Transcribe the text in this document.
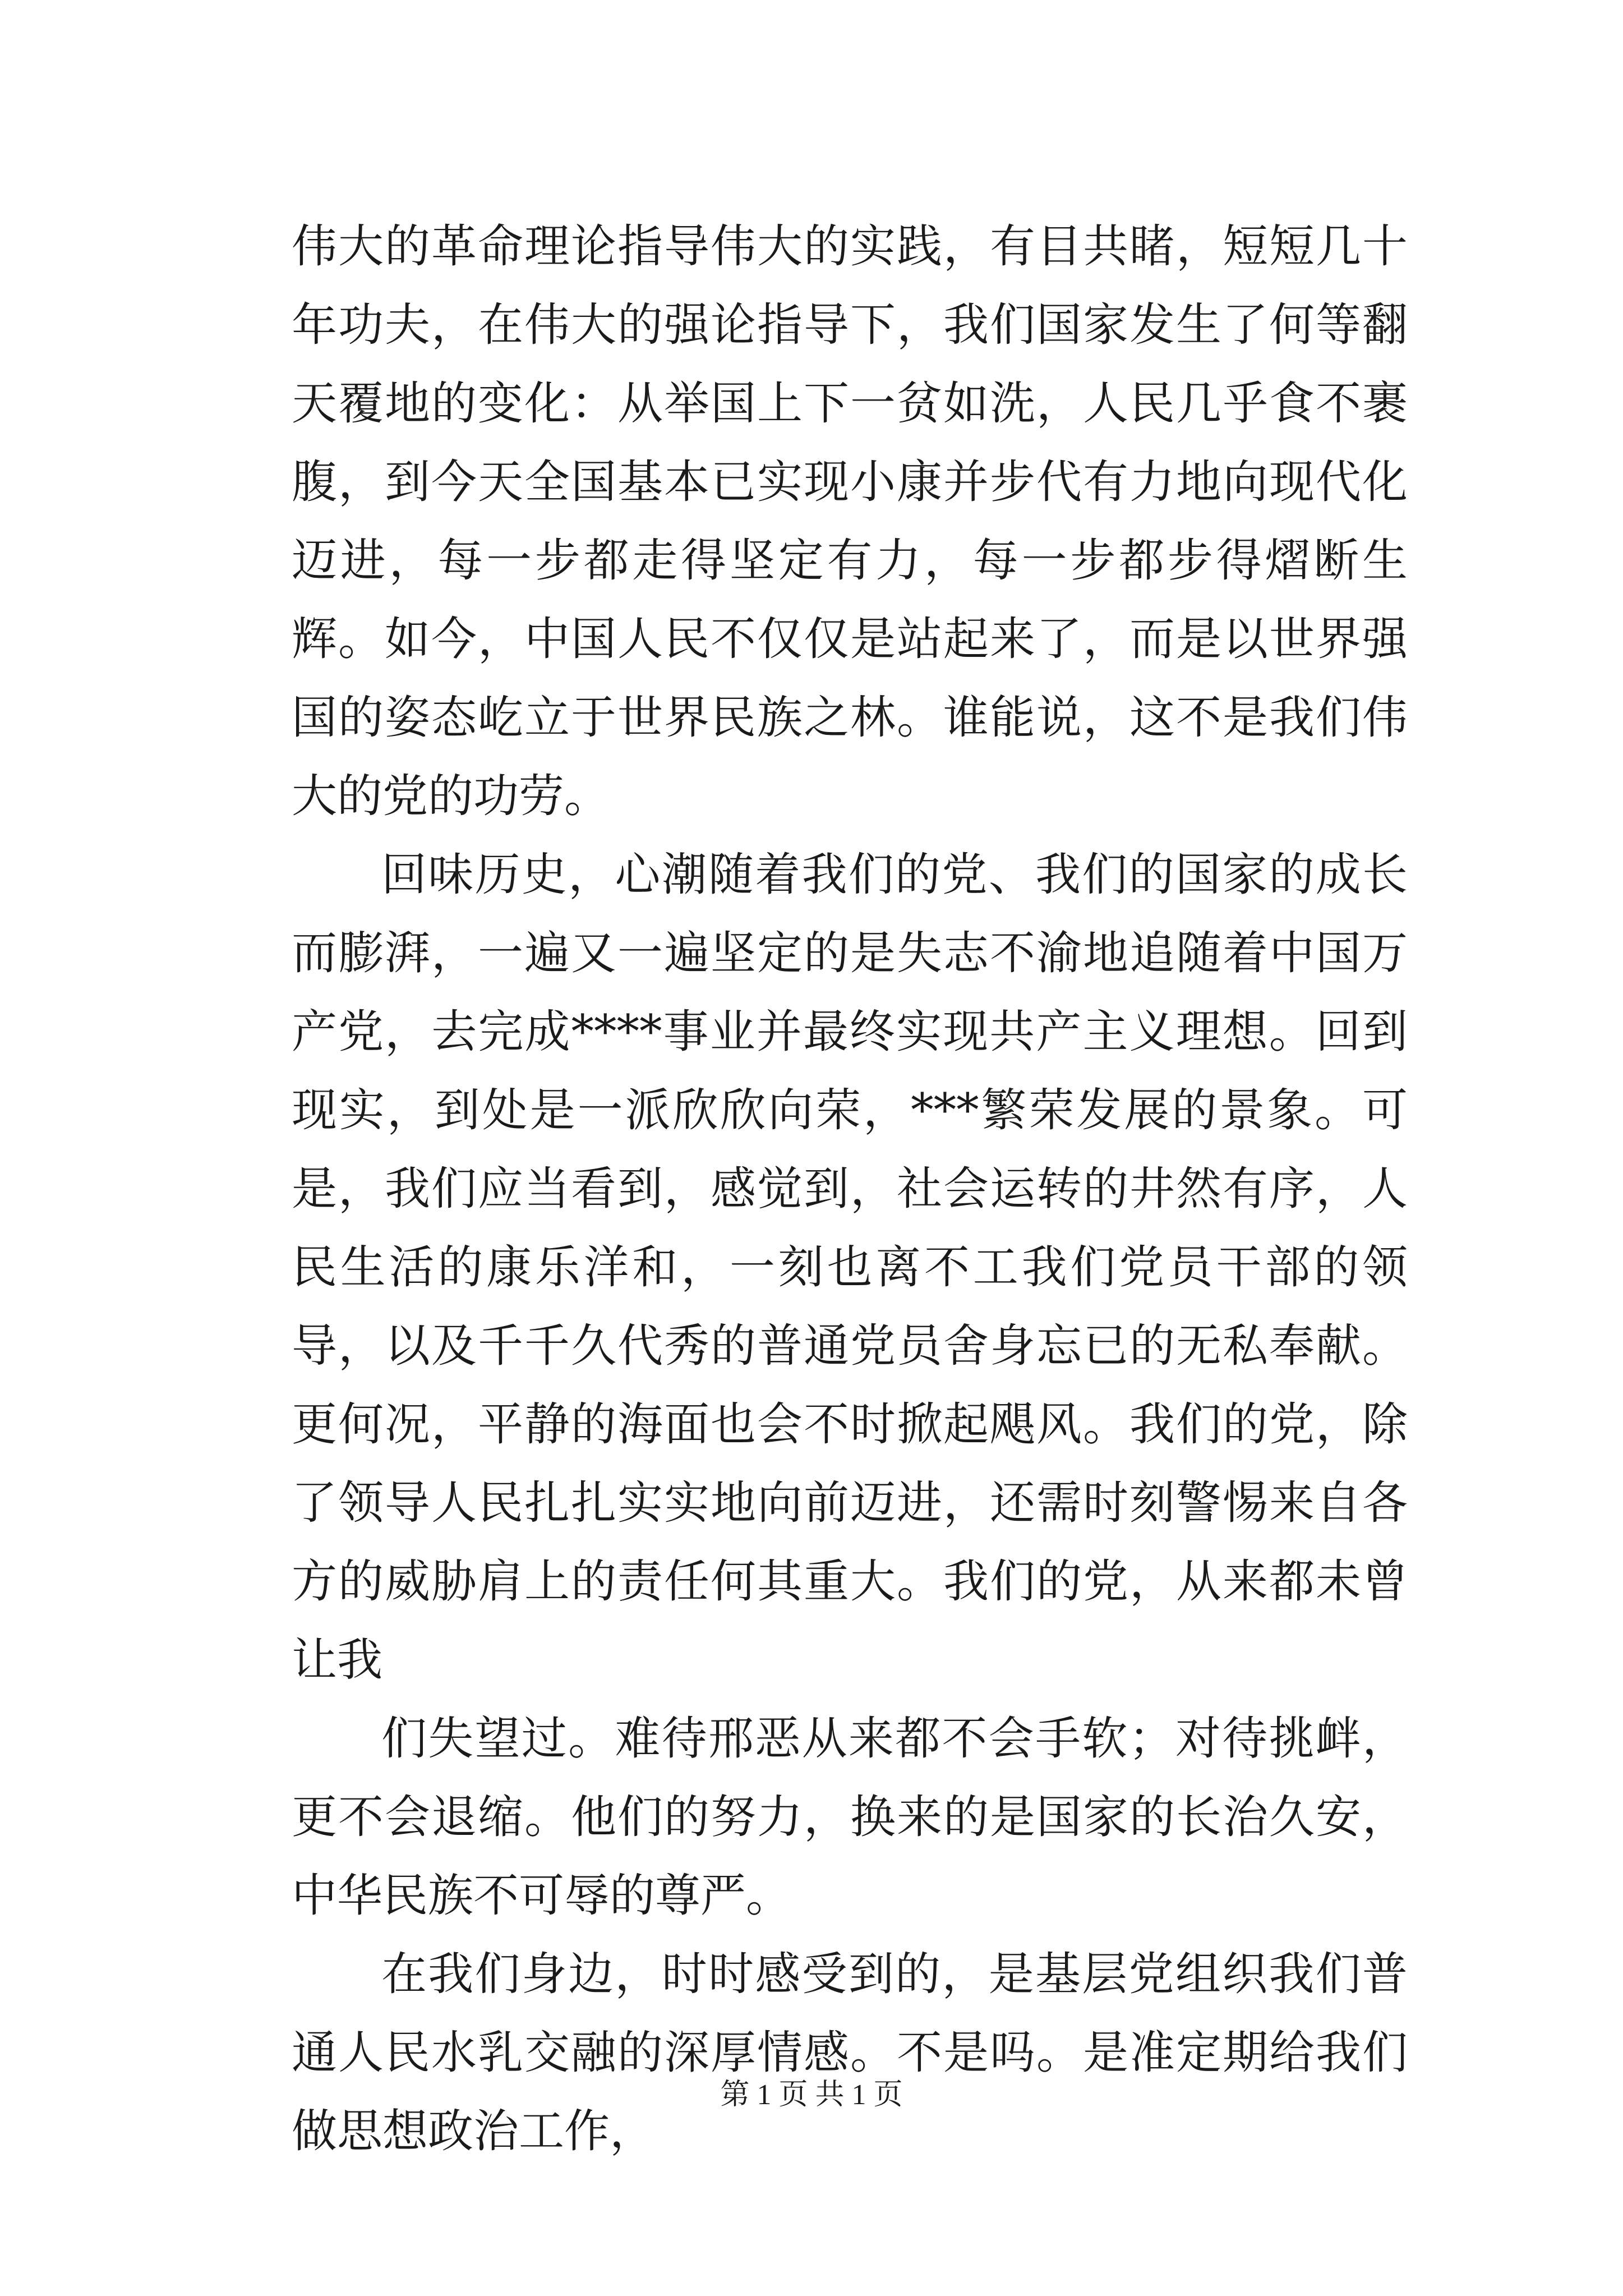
伟大的革命理论指导伟大的实践，有目共睹，短短几十年功夫，在伟大的强论指导下，我们国家发生了何等翻天覆地的变化：从举国上下一贫如洗，人民几乎食不裹腹，到今天全国基本已实现小康并步代有力地向现代化迈进，每一步都走得坚定有力，每一步都步得熠断生辉。如今，中国人民不仅仅是站起来了，而是以世界强国的姿态屹立于世界民族之林。谁能说，这不是我们伟大的党的功劳。

回味历史，心潮随着我们的党、我们的国家的成长而膨湃，一遍又一遍坚定的是失志不渝地追随着中国万产党，去完成****事业并最终实现共产主义理想。回到现实，到处是一派欣欣向荣，***繁荣发展的景象。可是，我们应当看到，感觉到，社会运转的井然有序，人民生活的康乐洋和，一刻也离不工我们党员干部的领导，以及千千久代秀的普通党员舍身忘已的无私奉献。更何况，平静的海面也会不时掀起飓风。我们的党，除了领导人民扎扎实实地向前迈进，还需时刻警惕来自各方的威胁肩上的责任何其重大。我们的党，从来都未曾让我

们失望过。难待邢恶从来都不会手软；对待挑衅，更不会退缩。他们的努力，换来的是国家的长治久安，中华民族不可辱的尊严。

在我们身边，时时感受到的，是基层党组织我们普通人民水乳交融的深厚情感。不是吗。是准定期给我们做思想政治工作，

第 1 页 共 1 页
